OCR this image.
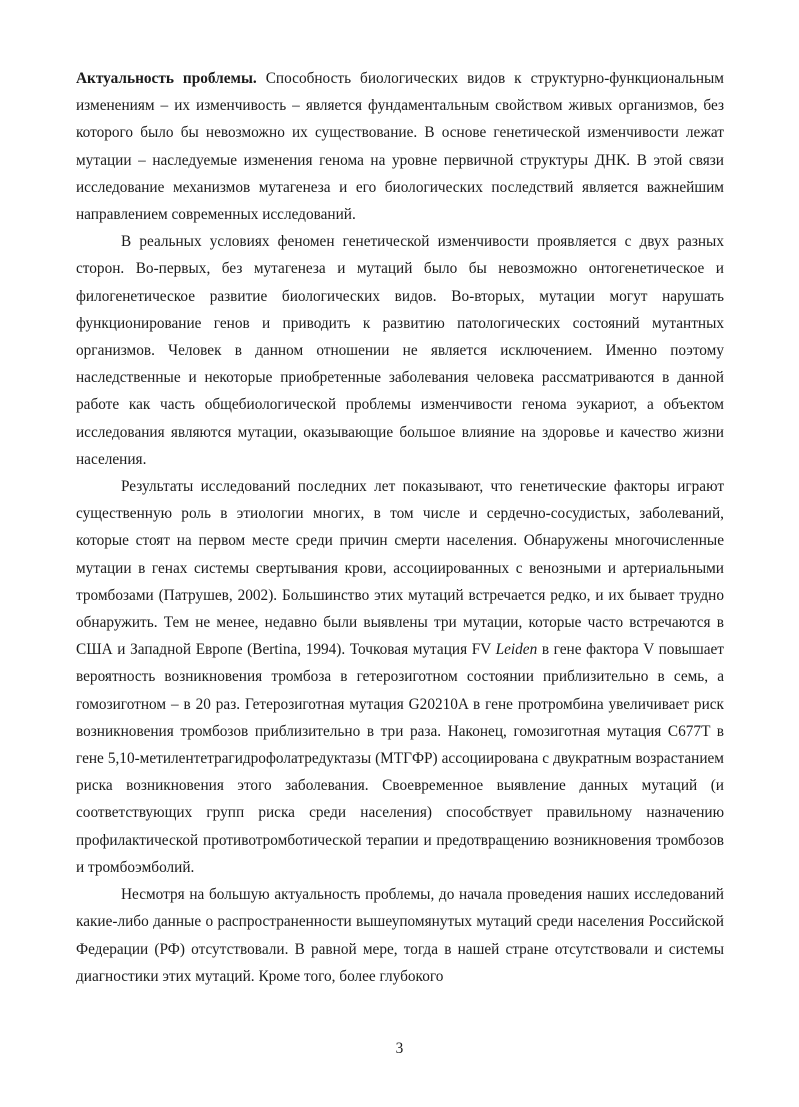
Актуальность проблемы. Способность биологических видов к структурно-функциональным изменениям – их изменчивость – является фундаментальным свойством живых организмов, без которого было бы невозможно их существование. В основе генетической изменчивости лежат мутации – наследуемые изменения генома на уровне первичной структуры ДНК. В этой связи исследование механизмов мутагенеза и его биологических последствий является важнейшим направлением современных исследований.

В реальных условиях феномен генетической изменчивости проявляется с двух разных сторон. Во-первых, без мутагенеза и мутаций было бы невозможно онтогенетическое и филогенетическое развитие биологических видов. Во-вторых, мутации могут нарушать функционирование генов и приводить к развитию патологических состояний мутантных организмов. Человек в данном отношении не является исключением. Именно поэтому наследственные и некоторые приобретенные заболевания человека рассматриваются в данной работе как часть общебиологической проблемы изменчивости генома эукариот, а объектом исследования являются мутации, оказывающие большое влияние на здоровье и качество жизни населения.

Результаты исследований последних лет показывают, что генетические факторы играют существенную роль в этиологии многих, в том числе и сердечно-сосудистых, заболеваний, которые стоят на первом месте среди причин смерти населения. Обнаружены многочисленные мутации в генах системы свертывания крови, ассоциированных с венозными и артериальными тромбозами (Патрушев, 2002). Большинство этих мутаций встречается редко, и их бывает трудно обнаружить. Тем не менее, недавно были выявлены три мутации, которые часто встречаются в США и Западной Европе (Bertina, 1994). Точковая мутация FV Leiden в гене фактора V повышает вероятность возникновения тромбоза в гетерозиготном состоянии приблизительно в семь, а гомозиготном – в 20 раз. Гетерозиготная мутация G20210A в гене протромбина увеличивает риск возникновения тромбозов приблизительно в три раза. Наконец, гомозиготная мутация C677T в гене 5,10-метилентетрагидрофолатредуктазы (МТГФР) ассоциирована с двукратным возрастанием риска возникновения этого заболевания. Своевременное выявление данных мутаций (и соответствующих групп риска среди населения) способствует правильному назначению профилактической противотромботической терапии и предотвращению возникновения тромбозов и тромбоэмболий.

Несмотря на большую актуальность проблемы, до начала проведения наших исследований какие-либо данные о распространенности вышеупомянутых мутаций среди населения Российской Федерации (РФ) отсутствовали. В равной мере, тогда в нашей стране отсутствовали и системы диагностики этих мутаций. Кроме того, более глубокого

3
